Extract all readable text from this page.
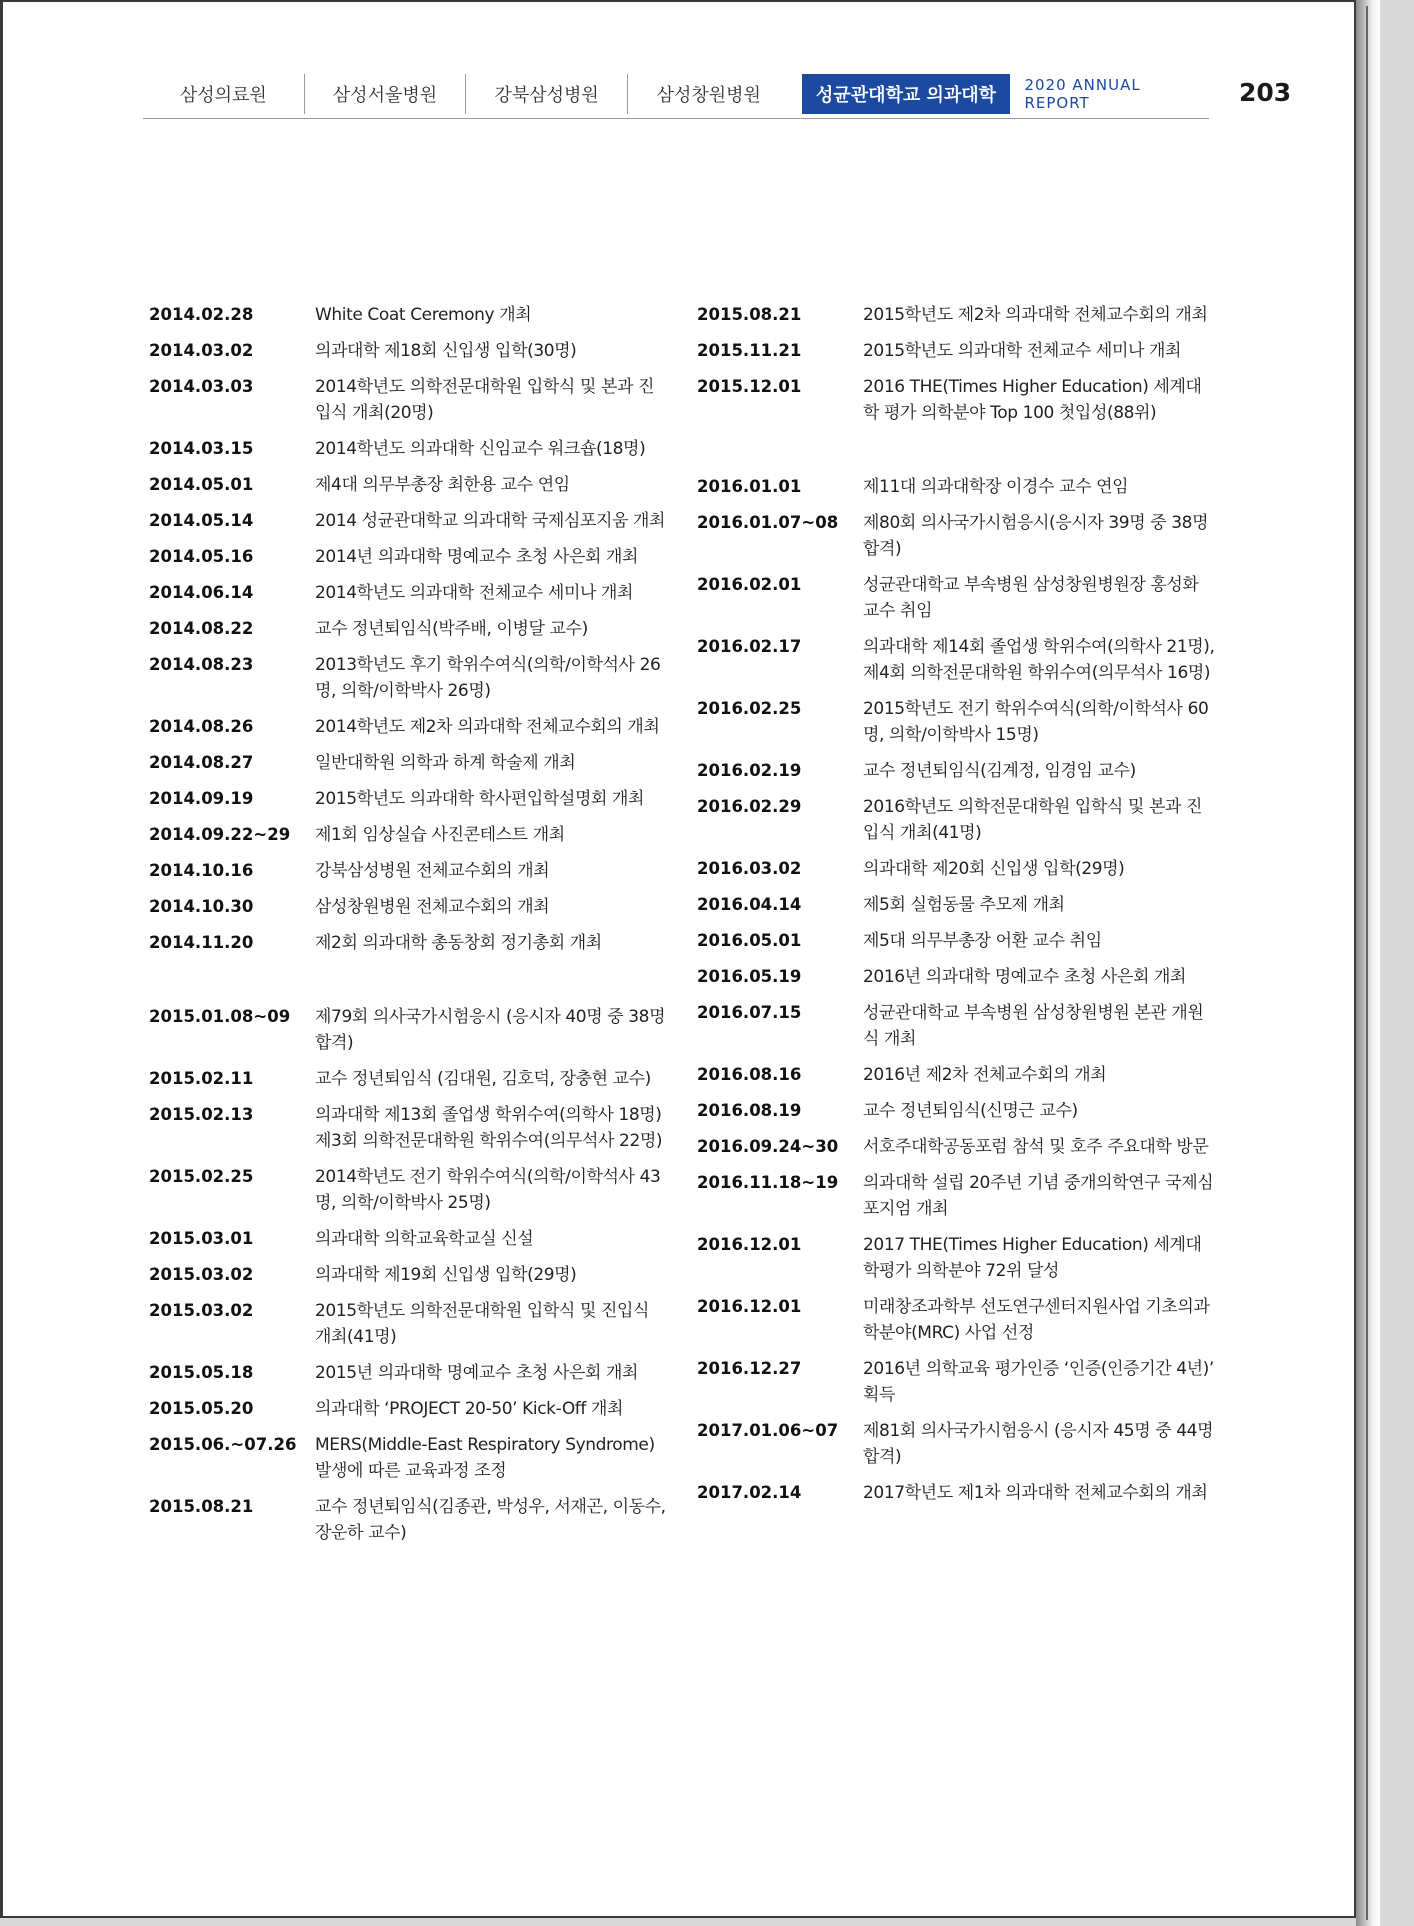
삼성의료원	삼성서울병원	강북삼성병원	삼성창원병원	성균관대학교 의과대학	2020 ANNUAL REPORT	203
2014.02.28	White Coat Ceremony 개최
2014.03.02	의과대학 제18회 신입생 입학(30명)
2014.03.03	2014학년도 의학전문대학원 입학식 및 본과 진입식 개최(20명)
2014.03.15	2014학년도 의과대학 신임교수 워크숍(18명)
2014.05.01	제4대 의무부총장 최한용 교수 연임
2014.05.14	2014 성균관대학교 의과대학 국제심포지움 개최
2014.05.16	2014년 의과대학 명예교수 초청 사은회 개최
2014.06.14	2014학년도 의과대학 전체교수 세미나 개최
2014.08.22	교수 정년퇴임식(박주배, 이병달 교수)
2014.08.23	2013학년도 후기 학위수여식(의학/이학석사 26명, 의학/이학박사 26명)
2014.08.26	2014학년도 제2차 의과대학 전체교수회의 개최
2014.08.27	일반대학원 의학과 하계 학술제 개최
2014.09.19	2015학년도 의과대학 학사편입학설명회 개최
2014.09.22~29	제1회 임상실습 사진콘테스트 개최
2014.10.16	강북삼성병원 전체교수회의 개최
2014.10.30	삼성창원병원 전체교수회의 개최
2014.11.20	제2회 의과대학 총동창회 정기총회 개최
2015.01.08~09	제79회 의사국가시험응시 (응시자 40명 중 38명 합격)
2015.02.11	교수 정년퇴임식 (김대원, 김호덕, 장충현 교수)
2015.02.13	의과대학 제13회 졸업생 학위수여(의학사 18명) 제3회 의학전문대학원 학위수여(의무석사 22명)
2015.02.25	2014학년도 전기 학위수여식(의학/이학석사 43명, 의학/이학박사 25명)
2015.03.01	의과대학 의학교육학교실 신설
2015.03.02	의과대학 제19회 신입생 입학(29명)
2015.03.02	2015학년도 의학전문대학원 입학식 및 진입식 개최(41명)
2015.05.18	2015년 의과대학 명예교수 초청 사은회 개최
2015.05.20	의과대학 ‘PROJECT 20-50’ Kick-Off 개최
2015.06.~07.26	MERS(Middle-East Respiratory Syndrome) 발생에 따른 교육과정 조정
2015.08.21	교수 정년퇴임식(김종관, 박성우, 서재곤, 이동수, 장운하 교수)
2015.08.21	2015학년도 제2차 의과대학 전체교수회의 개최
2015.11.21	2015학년도 의과대학 전체교수 세미나 개최
2015.12.01	2016 THE(Times Higher Education) 세계대학 평가 의학분야 Top 100 첫입성(88위)
2016.01.01	제11대 의과대학장 이경수 교수 연임
2016.01.07~08	제80회 의사국가시험응시(응시자 39명 중 38명 합격)
2016.02.01	성균관대학교 부속병원 삼성창원병원장 홍성화 교수 취임
2016.02.17	의과대학 제14회 졸업생 학위수여(의학사 21명), 제4회 의학전문대학원 학위수여(의무석사 16명)
2016.02.25	2015학년도 전기 학위수여식(의학/이학석사 60명, 의학/이학박사 15명)
2016.02.19	교수 정년퇴임식(김계정, 임경임 교수)
2016.02.29	2016학년도 의학전문대학원 입학식 및 본과 진입식 개최(41명)
2016.03.02	의과대학 제20회 신입생 입학(29명)
2016.04.14	제5회 실험동물 추모제 개최
2016.05.01	제5대 의무부총장 어환 교수 취임
2016.05.19	2016년 의과대학 명예교수 초청 사은회 개최
2016.07.15	성균관대학교 부속병원 삼성창원병원 본관 개원식 개최
2016.08.16	2016년 제2차 전체교수회의 개최
2016.08.19	교수 정년퇴임식(신명근 교수)
2016.09.24~30	서호주대학공동포럼 참석 및 호주 주요대학 방문
2016.11.18~19	의과대학 설립 20주년 기념 중개의학연구 국제심포지엄 개최
2016.12.01	2017 THE(Times Higher Education) 세계대학평가 의학분야 72위 달성
2016.12.01	미래창조과학부 선도연구센터지원사업 기초의과학분야(MRC) 사업 선정
2016.12.27	2016년 의학교육 평가인증 ‘인증(인증기간 4년)’ 획득
2017.01.06~07	제81회 의사국가시험응시 (응시자 45명 중 44명 합격)
2017.02.14	2017학년도 제1차 의과대학 전체교수회의 개최
